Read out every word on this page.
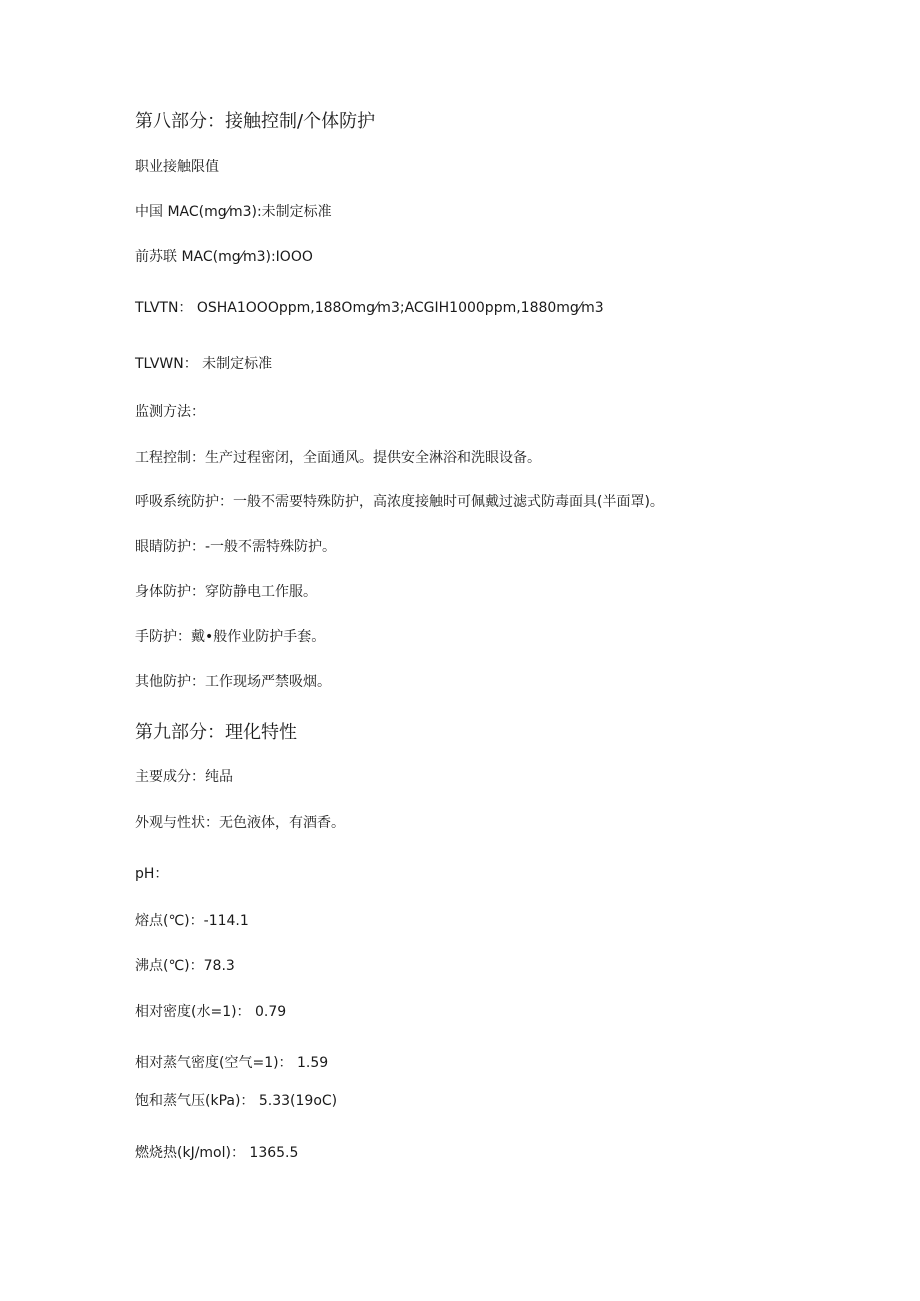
第八部分：接触控制/个体防护
职业接触限值
中国 MAC(mg⁄m3):未制定标准
前苏联 MAC(mg⁄m3):IOOO
TLVTN： OSHA1OOOppm,188Omg⁄m3;ACGIH1000ppm,1880mg⁄m3
TLVWN： 未制定标准
监测方法：
工程控制：生产过程密闭，全面通风。提供安全淋浴和洗眼设备。
呼吸系统防护：一般不需要特殊防护，高浓度接触时可佩戴过滤式防毒面具(半面罩)。
眼睛防护：-一般不需特殊防护。
身体防护：穿防静电工作服。
手防护：戴•般作业防护手套。
其他防护：工作现场严禁吸烟。
第九部分：理化特性
主要成分：纯品
外观与性状：无色液体，有酒香。
pH：
熔点(℃)：-114.1
沸点(℃)：78.3
相对密度(水=1)： 0.79
相对蒸气密度(空气=1)： 1.59
饱和蒸气压(kPa)： 5.33(19oC)
燃烧热(kJ/mol)： 1365.5
